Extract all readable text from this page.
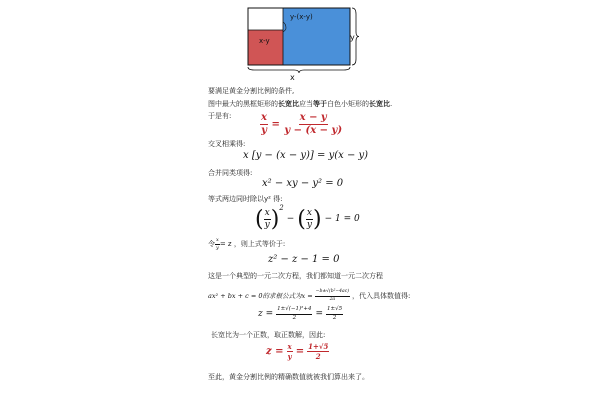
y-(x-y)
x-y	y
x
要满足黄金分割比例的条件,
图中最大的黑框矩形的长宽比应当等于白色小矩形的长宽比.
于是有:	$\frac{x}{y} = \frac{x - y}{y - (x - y)}$
交叉相乘得:
x [y − (x − y)] = y(x − y)
合并同类项得:
x² − xy − y² = 0
等式两边同时除以y² 得:
( $\frac{x}{y} )^2$
− ( $\frac{x}{y}$ ) − 1 = 0
令 $\frac{x}{y} = z$ ，则上式等价于:
z² − z − 1 = 0
这是一个典型的一元二次方程，我们都知道一元二次方程
ax² + bx + c = 0的求根公式为$x = \frac{\text{−b±√(b²−4ac)}}{2a}$ ，代入具体数值得:
$z = \frac{\text{1±√(−1)²+4}}{2} = \frac{1\pm√5}{2}$
长宽比为一个正数，取正数解，因此:
$z = \frac{x}{y} = \frac{1+√5}{2}$
至此，黄金分割比例的精确数值就被我们算出来了。
